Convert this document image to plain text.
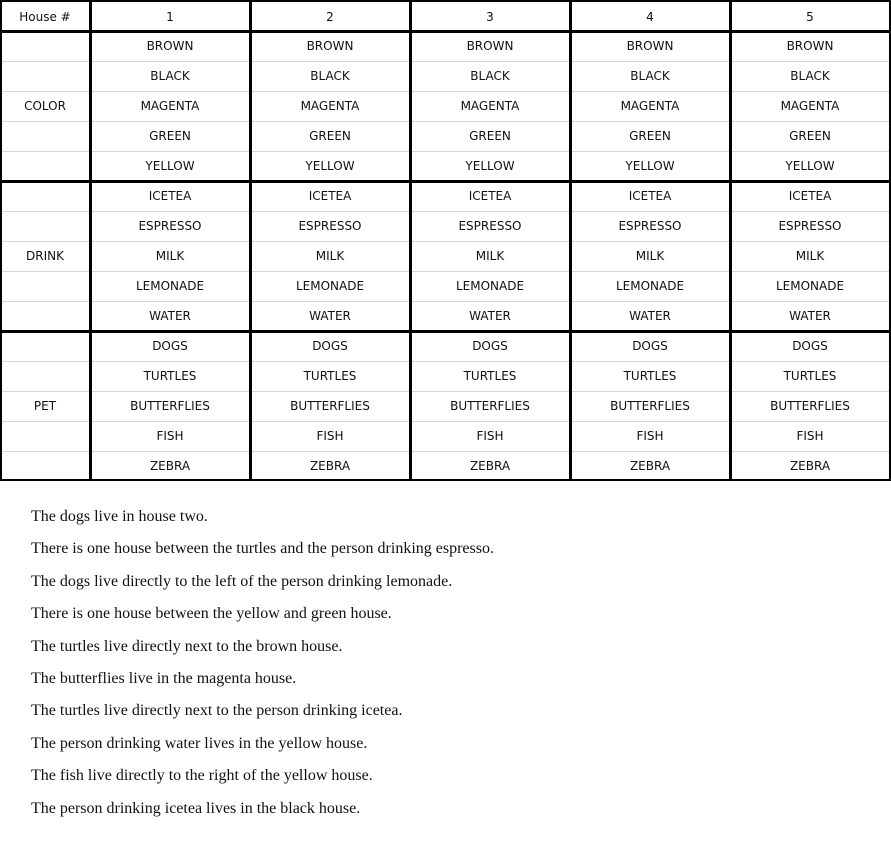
House #	1	2	3	4	5
COLOR
BROWN	BROWN	BROWN	BROWN	BROWN
BLACK	BLACK	BLACK	BLACK	BLACK
MAGENTA	MAGENTA	MAGENTA	MAGENTA	MAGENTA
GREEN	GREEN	GREEN	GREEN	GREEN
YELLOW	YELLOW	YELLOW	YELLOW	YELLOW
DRINK
ICETEA	ICETEA	ICETEA	ICETEA	ICETEA
ESPRESSO	ESPRESSO	ESPRESSO	ESPRESSO	ESPRESSO
MILK	MILK	MILK	MILK	MILK
LEMONADE	LEMONADE	LEMONADE	LEMONADE	LEMONADE
WATER	WATER	WATER	WATER	WATER
PET
DOGS	DOGS	DOGS	DOGS	DOGS
TURTLES	TURTLES	TURTLES	TURTLES	TURTLES
BUTTERFLIES	BUTTERFLIES	BUTTERFLIES	BUTTERFLIES	BUTTERFLIES
FISH	FISH	FISH	FISH	FISH
ZEBRA	ZEBRA	ZEBRA	ZEBRA	ZEBRA
The dogs live in house two.
There is one house between the turtles and the person drinking espresso.
The dogs live directly to the left of the person drinking lemonade.
There is one house between the yellow and green house.
The turtles live directly next to the brown house.
The butterflies live in the magenta house.
The turtles live directly next to the person drinking icetea.
The person drinking water lives in the yellow house.
The fish live directly to the right of the yellow house.
The person drinking icetea lives in the black house.
